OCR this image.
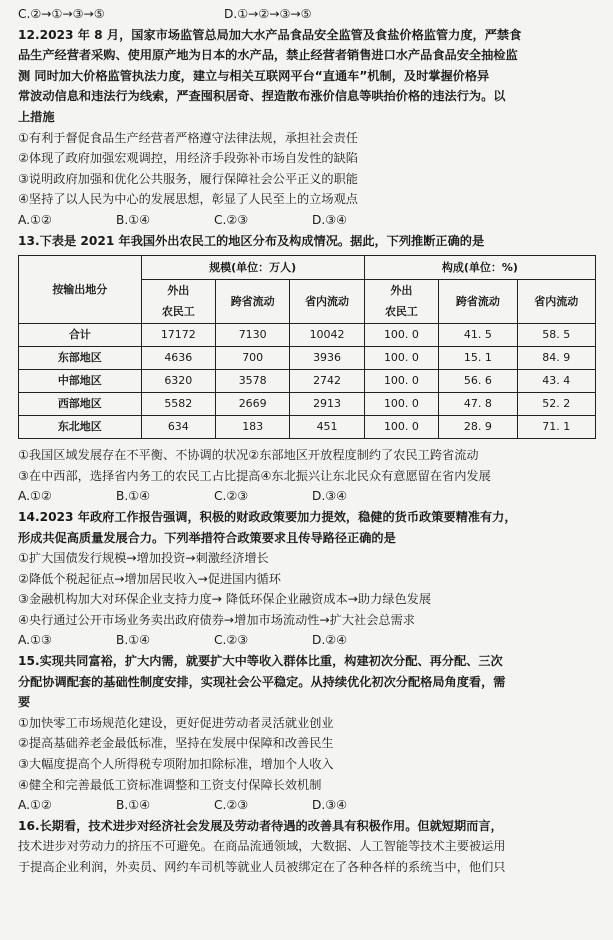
C.②→①→③→⑤	D.①→②→③→⑤
12.2023 年 8 月，国家市场监管总局加大水产品食品安全监管及食盐价格监管力度，严禁食
品生产经营者采购、使用原产地为日本的水产品，禁止经营者销售进口水产品食品安全抽检监
测 同时加大价格监管执法力度，建立与相关互联网平台“直通车”机制，及时掌握价格异
常波动信息和违法行为线索，严查囤积居奇、捏造散布涨价信息等哄抬价格的违法行为。以
上措施
①有利于督促食品生产经营者严格遵守法律法规，承担社会责任
②体现了政府加强宏观调控，用经济手段弥补市场自发性的缺陷
③说明政府加强和优化公共服务，履行保障社会公平正义的职能
④坚持了以人民为中心的发展思想，彰显了人民至上的立场观点
A.①②	B.①④	C.②③	D.③④
13.下表是 2021 年我国外出农民工的地区分布及构成情况。据此，下列推断正确的是
按输出地分	规模(单位：万人)			构成(单位：%)		
	外出	跨省流动	省内流动	外出	跨省流动	省内流动
	农民工			农民工		
合计	17172	7130	10042	100. 0	41. 5	58. 5
东部地区	4636	700	3936	100. 0	15. 1	84. 9
中部地区	6320	3578	2742	100. 0	56. 6	43. 4
西部地区	5582	2669	2913	100. 0	47. 8	52. 2
东北地区	634	183	451	100. 0	28. 9	71. 1
①我国区域发展存在不平衡、不协调的状况②东部地区开放程度制约了农民工跨省流动
③在中西部，选择省内务工的农民工占比提高④东北振兴让东北民众有意愿留在省内发展
A.①②	B.①④	C.②③	D.③④
14.2023 年政府工作报告强调，积极的财政政策要加力提效，稳健的货币政策要精准有力，
形成共促高质量发展合力。下列举措符合政策要求且传导路径正确的是
①扩大国债发行规模→增加投资→刺激经济增长
②降低个税起征点→增加居民收入→促进国内循环
③金融机构加大对环保企业支持力度→ 降低环保企业融资成本→助力绿色发展
④央行通过公开市场业务卖出政府债券→增加市场流动性→扩大社会总需求
A.①③	B.①④	C.②③	D.②④
15.实现共同富裕，扩大内需，就要扩大中等收入群体比重，构建初次分配、再分配、三次
分配协调配套的基础性制度安排，实现社会公平稳定。从持续优化初次分配格局角度看，需
要
①加快零工市场规范化建设，更好促进劳动者灵活就业创业
②提高基础养老金最低标准，坚持在发展中保障和改善民生
③大幅度提高个人所得税专项附加扣除标准，增加个人收入
④健全和完善最低工资标准调整和工资支付保障长效机制
A.①②	B.①④	C.②③	D.③④
16.长期看，技术进步对经济社会发展及劳动者待遇的改善具有积极作用。但就短期而言，
技术进步对劳动力的挤压不可避免。在商品流通领域，大数据、人工智能等技术主要被运用
于提高企业利润，外卖员、网约车司机等就业人员被绑定在了各种各样的系统当中，他们只
